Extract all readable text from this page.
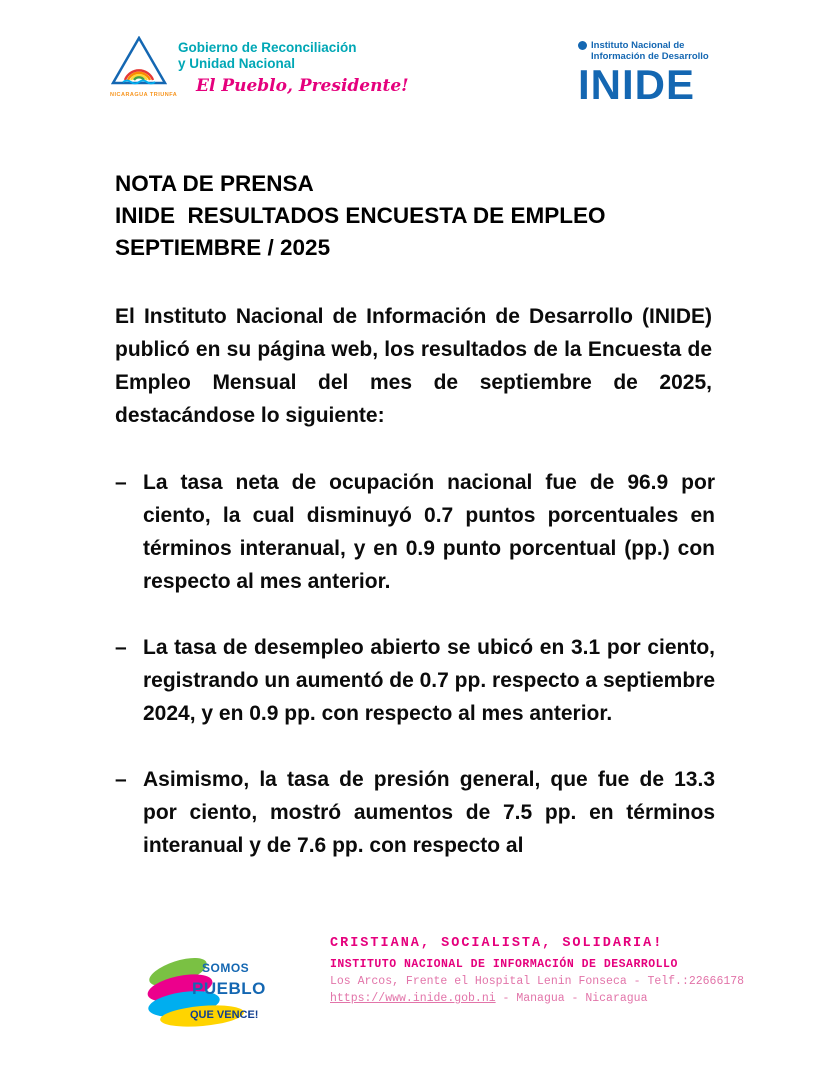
NICARAGUA TRIUNFA
Gobierno de Reconciliación
y Unidad Nacional
El Pueblo, Presidente!
Instituto Nacional de
Información de Desarrollo
INIDE
NOTA DE PRENSA
INIDE  RESULTADOS ENCUESTA DE EMPLEO
SEPTIEMBRE / 2025

El Instituto Nacional de Información de Desarrollo (INIDE) publicó en su página web, los resultados de la Encuesta de Empleo Mensual del mes de septiembre de 2025, destacándose lo siguiente:

– La tasa neta de ocupación nacional fue de 96.9 por ciento, la cual disminuyó 0.7 puntos porcentuales en términos interanual, y en 0.9 punto porcentual (pp.) con respecto al mes anterior.

– La tasa de desempleo abierto se ubicó en 3.1 por ciento, registrando un aumentó de 0.7 pp. respecto a septiembre 2024, y en 0.9 pp. con respecto al mes anterior.

– Asimismo, la tasa de presión general, que fue de 13.3 por ciento, mostró aumentos de 7.5 pp. en términos interanual y de 7.6 pp. con respecto al

SOMOS
PUEBLO
QUE VENCE!
CRISTIANA, SOCIALISTA, SOLIDARIA!
INSTITUTO NACIONAL DE INFORMACIÓN DE DESARROLLO
Los Arcos, Frente el Hospital Lenin Fonseca - Telf.:22666178
https://www.inide.gob.ni - Managua - Nicaragua
